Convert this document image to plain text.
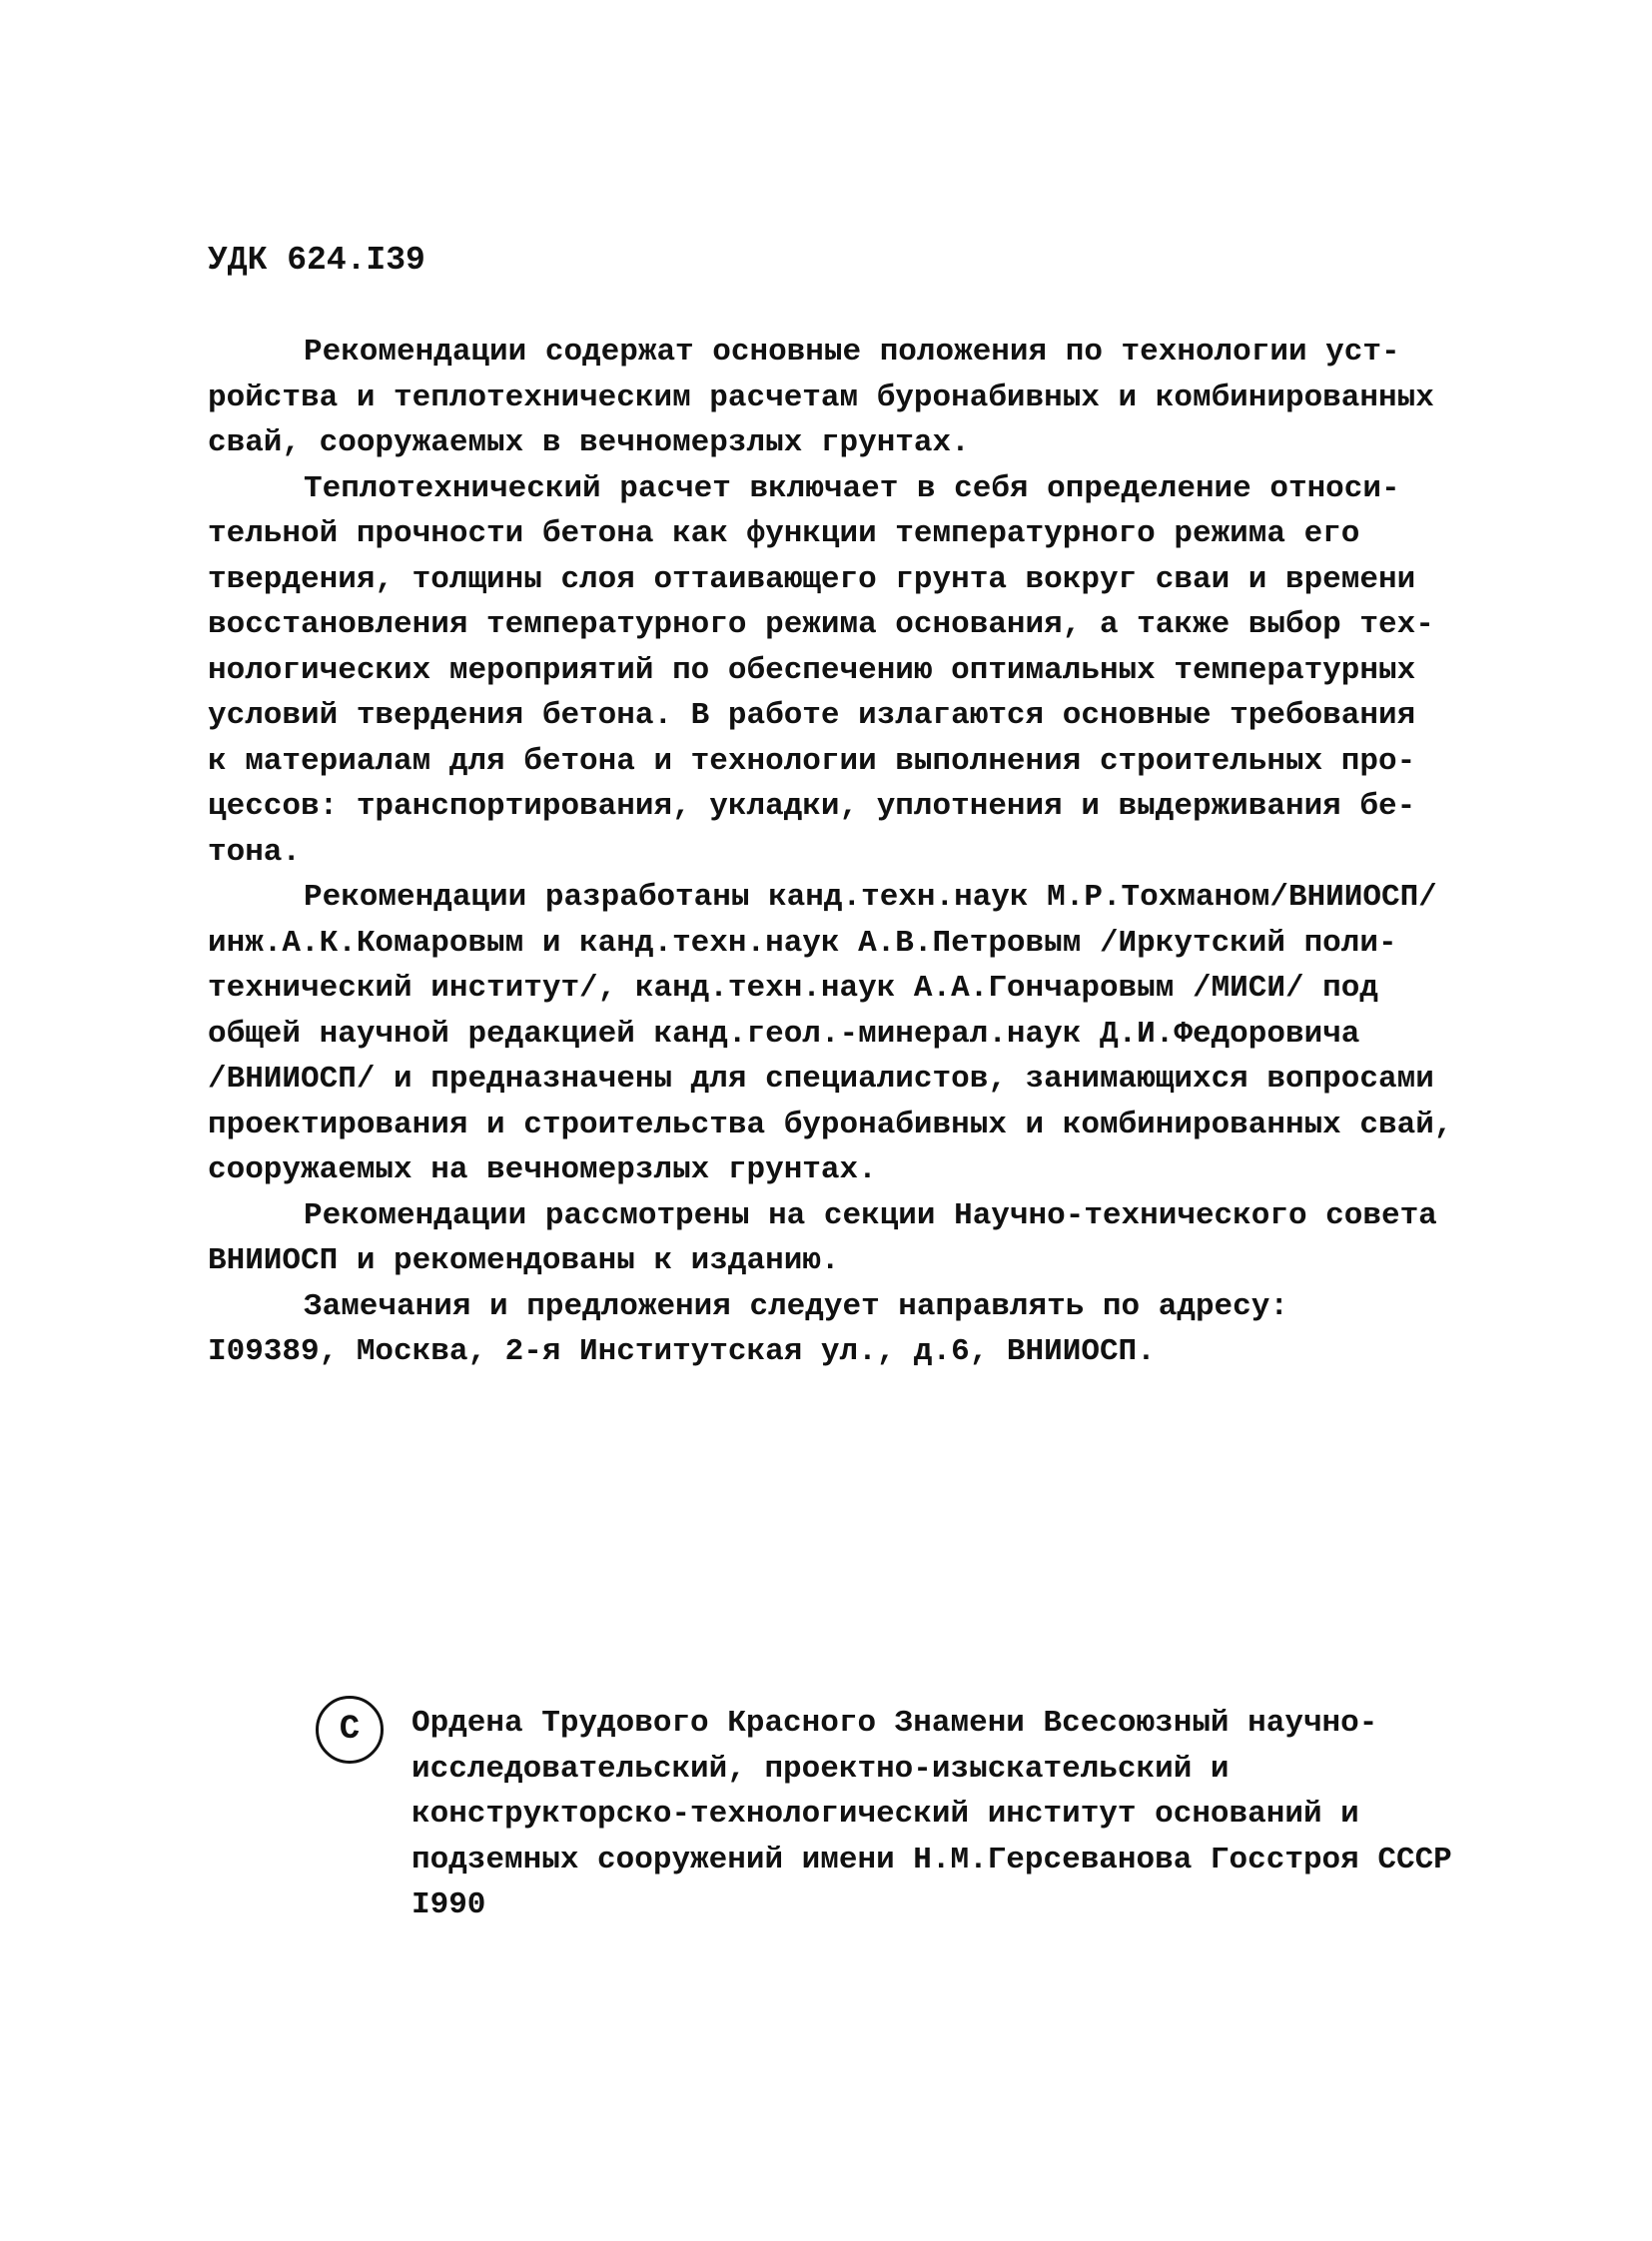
УДК 624.I39
Рекомендации содержат основные положения по технологии уст-
ройства и теплотехническим расчетам буронабивных и комбинированных
свай, сооружаемых в вечномерзлых грунтах.
Теплотехнический расчет включает в себя определение относи-
тельной прочности бетона как функции температурного режима его
твердения, толщины слоя оттаивающего грунта вокруг сваи и времени
восстановления температурного режима основания, а также выбор тех-
нологических мероприятий по обеспечению оптимальных температурных
условий твердения бетона. В работе излагаются основные требования
к материалам для бетона и технологии выполнения строительных про-
цессов: транспортирования, укладки, уплотнения и выдерживания бе-
тона.
Рекомендации разработаны канд.техн.наук М.Р.Тохманом/ВНИИОСП/
инж.А.К.Комаровым и канд.техн.наук А.В.Петровым /Иркутский поли-
технический институт/, канд.техн.наук А.А.Гончаровым /МИСИ/ под
общей научной редакцией канд.геол.-минерал.наук Д.И.Федоровича
/ВНИИОСП/ и предназначены для специалистов, занимающихся вопросами
проектирования и строительства буронабивных и комбинированных свай,
сооружаемых на вечномерзлых грунтах.
Рекомендации рассмотрены на секции Научно-технического совета
ВНИИОСП и рекомендованы к изданию.
Замечания и предложения следует направлять по адресу:
I09389, Москва, 2-я Институтская ул., д.6, ВНИИОСП.
С Ордена Трудового Красного Знамени Всесоюзный научно-
исследовательский, проектно-изыскательский и
конструкторско-технологический институт оснований и
подземных сооружений имени Н.М.Герсеванова Госстроя СССР
I990
